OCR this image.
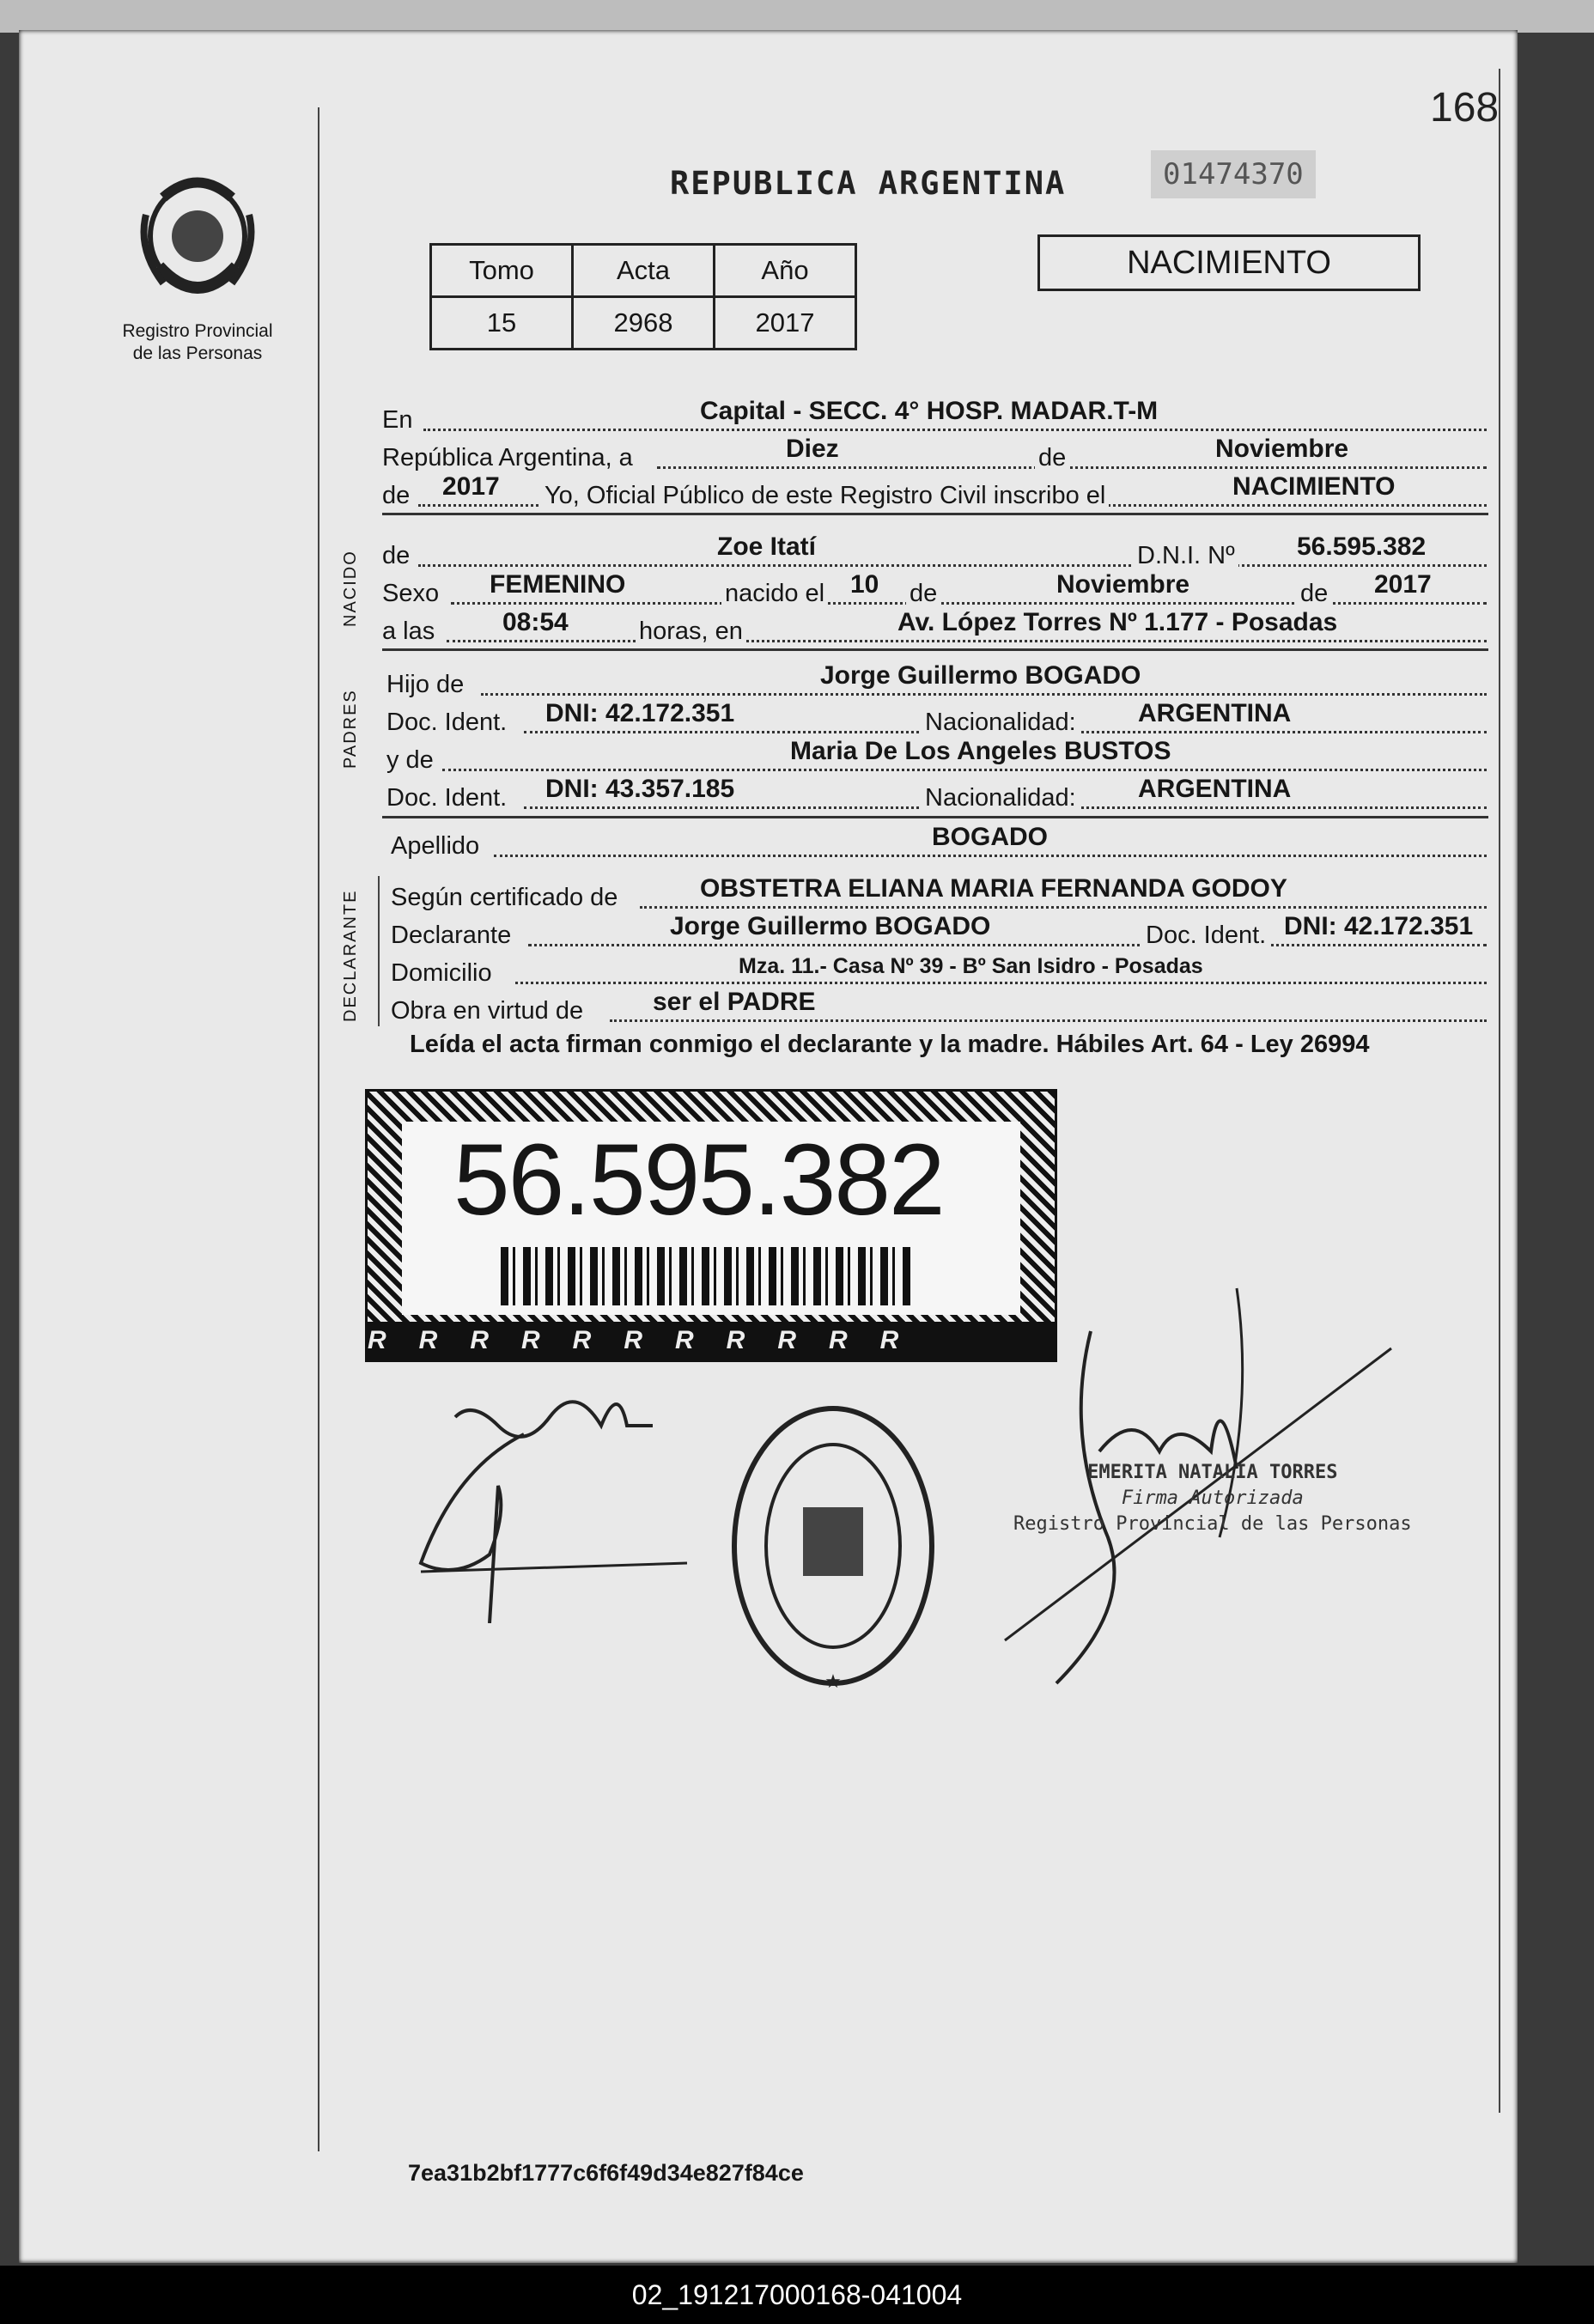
168
Registro Provincial
de las Personas
REPUBLICA ARGENTINA	01474370
Tomo	Acta	Año
15	2968	2017
NACIMIENTO
En	Capital - SECC. 4° HOSP. MADAR.T-M
República Argentina, a	Diez	de	Noviembre
de 2017 Yo, Oficial Público de este Registro Civil inscribo el	NACIMIENTO
NACIDO de	Zoe Itatí	D.N.I. Nº 56.595.382
Sexo FEMENINO	nacido el 10 de	Noviembre	de 2017
a las	08:54	horas, en	Av. López Torres Nº 1.177 - Posadas
PADRES
Hijo de	Jorge Guillermo BOGADO
Doc. Ident. DNI: 42.172.351	Nacionalidad: ARGENTINA
y de	Maria De Los Angeles BUSTOS
Doc. Ident. DNI: 43.357.185	Nacionalidad: ARGENTINA
Apellido	BOGADO
DECLARANTE Según certificado de	OBSTETRA ELIANA MARIA FERNANDA GODOY
Declarante	Jorge Guillermo BOGADO	Doc. Ident. DNI: 42.172.351
Domicilio	Mza. 11.- Casa Nº 39 - Bº San Isidro - Posadas
Obra en virtud de	ser el PADRE
Leída el acta firman conmigo el declarante y la madre. Hábiles Art. 64 - Ley 26994
56.595.382
RRRRRRRRRRR
★
EMERITA NATALIA TORRES
Firma Autorizada
Registro Provincial de las Personas
7ea31b2bf1777c6f6f49d34e827f84ce
02_191217000168-041004
